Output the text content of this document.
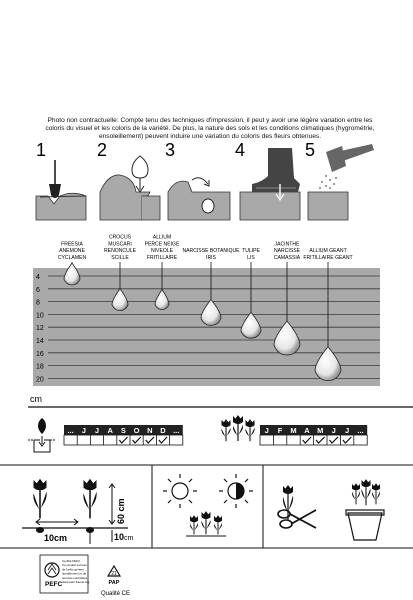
Photo non contractuelle: Compte tenu des techniques d'impression, il peut y avoir une légère variation entre les coloris du visuel et les coloris de la variété. De plus, la nature des sols et les conditions climatiques (hygrométrie, ensoleillement) peuvent induire une variation du coloris des fleurs obtenues.
1	2	3	4	5
4
6
8
10
12
14
16
18
20
FREESIA
ANEMONE
CYCLAMEN
CROCUS
MUSCARI
RENONCULE
SCILLE
ALLIUM
PERCE NEIGE
NIVEOLE
FRITILLAIRE
NARCISSE BOTANIQUE
IRIS
TULIPE
LIS
JACINTHE
NARCISSE
CAMASSIA
ALLIUM GEANT
FRITILLAIRE GEANT
cm
... J J A S O N D ...	J F M A M J J ...
60 cm
10cm	10cm
PEFC
Certifié PEFC
Ce produit est issu
de forêts gérées
durablement et de
sources contrôlées
www.pefc-france.org
21
PAP
Qualité CE
